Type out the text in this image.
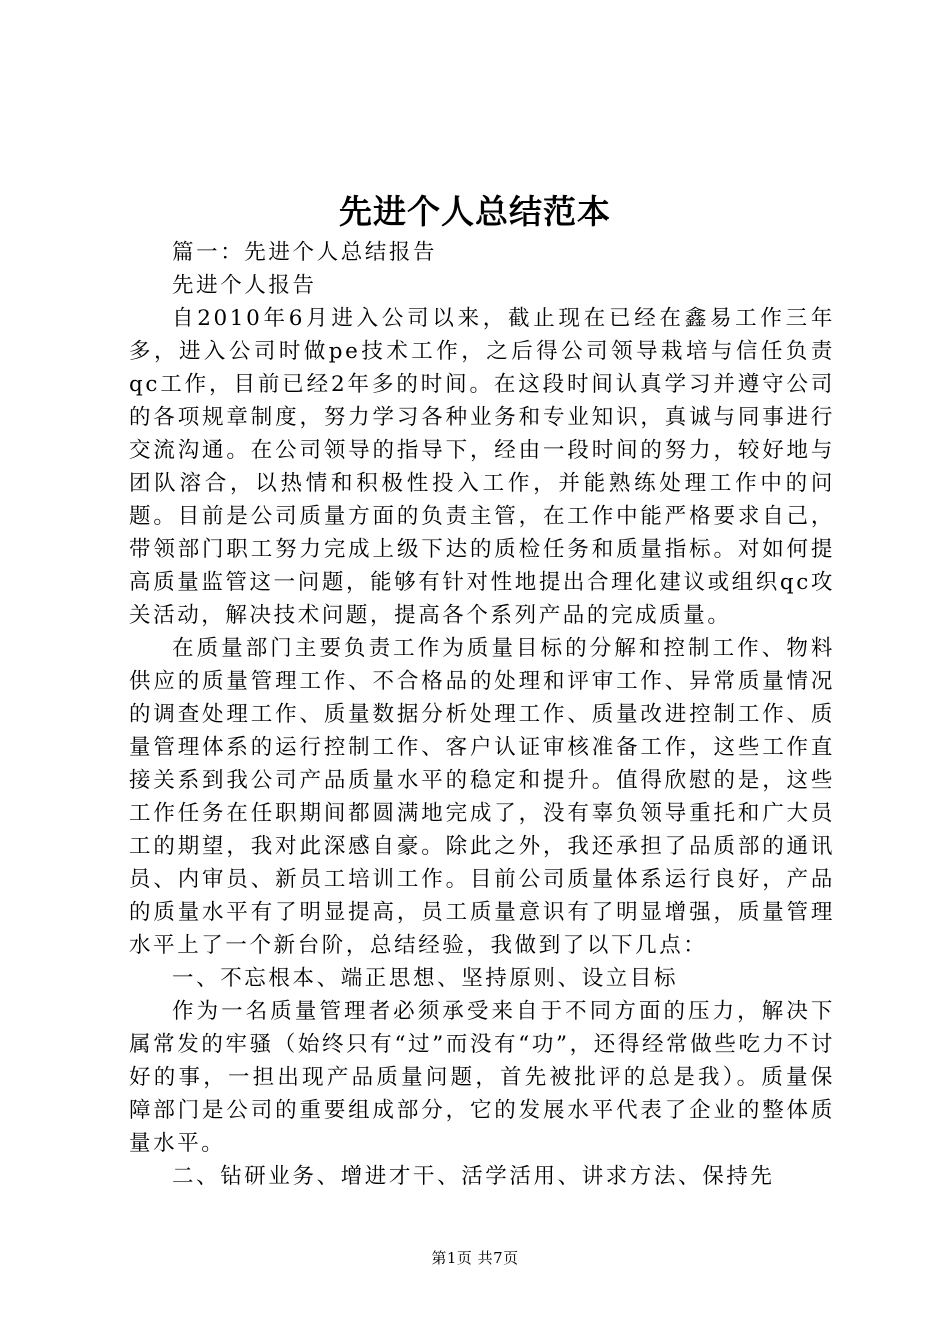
先进个人总结范本

篇一：先进个人总结报告

先进个人报告

自2010年6月进入公司以来，截止现在已经在鑫易工作三年多，进入公司时做pe技术工作，之后得公司领导栽培与信任负责qc工作，目前已经2年多的时间。在这段时间认真学习并遵守公司的各项规章制度，努力学习各种业务和专业知识，真诚与同事进行交流沟通。在公司领导的指导下，经由一段时间的努力，较好地与团队溶合，以热情和积极性投入工作，并能熟练处理工作中的问题。目前是公司质量方面的负责主管，在工作中能严格要求自己，带领部门职工努力完成上级下达的质检任务和质量指标。对如何提高质量监管这一问题，能够有针对性地提出合理化建议或组织qc攻关活动，解决技术问题，提高各个系列产品的完成质量。

在质量部门主要负责工作为质量目标的分解和控制工作、物料供应的质量管理工作、不合格品的处理和评审工作、异常质量情况的调查处理工作、质量数据分析处理工作、质量改进控制工作、质量管理体系的运行控制工作、客户认证审核准备工作，这些工作直接关系到我公司产品质量水平的稳定和提升。值得欣慰的是，这些工作任务在任职期间都圆满地完成了，没有辜负领导重托和广大员工的期望，我对此深感自豪。除此之外，我还承担了品质部的通讯员、内审员、新员工培训工作。目前公司质量体系运行良好，产品的质量水平有了明显提高，员工质量意识有了明显增强，质量管理水平上了一个新台阶，总结经验，我做到了以下几点：

一、不忘根本、端正思想、坚持原则、设立目标

作为一名质量管理者必须承受来自于不同方面的压力，解决下属常发的牢骚（始终只有“过”而没有“功”，还得经常做些吃力不讨好的事，一担出现产品质量问题，首先被批评的总是我）。质量保障部门是公司的重要组成部分，它的发展水平代表了企业的整体质量水平。

二、钻研业务、增进才干、活学活用、讲求方法、保持先

第1页 共7页
